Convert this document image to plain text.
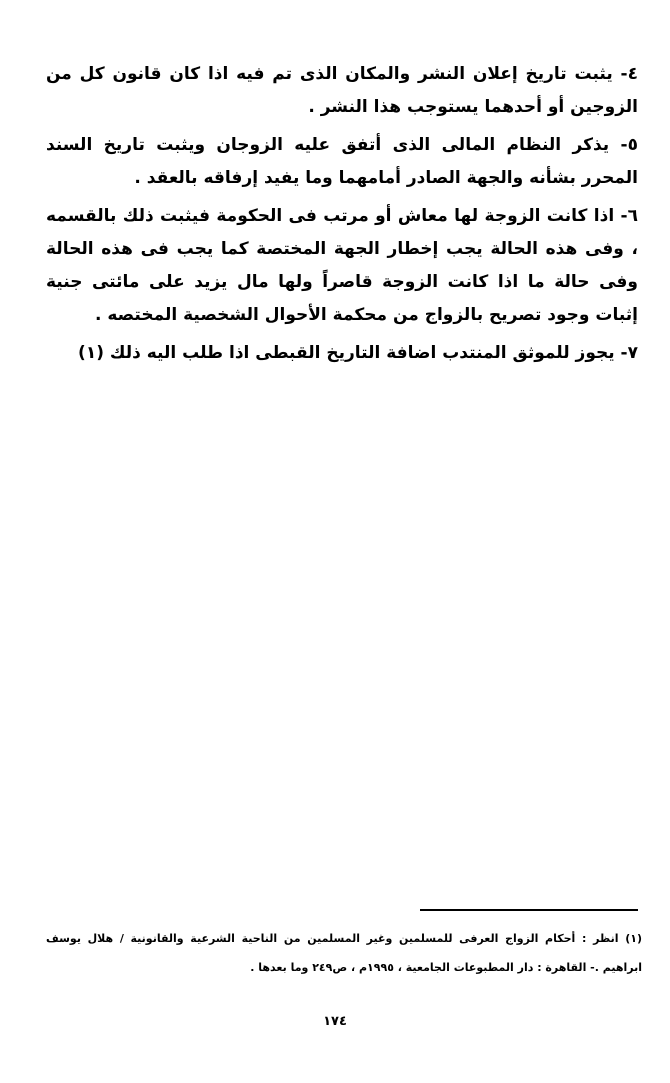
٤- يثبت تاريخ إعلان النشر والمكان الذى تم فيه اذا كان قانون كل من الزوجين أو أحدهما يستوجب هذا النشر .

٥- يذكر النظام المالى الذى أتفق عليه الزوجان ويثبت تاريخ السند المحرر بشأنه والجهة الصادر أمامهما وما يفيد إرفاقه بالعقد .

٦- اذا كانت الزوجة لها معاش أو مرتب فى الحكومة فيثبت ذلك بالقسمه ، وفى هذه الحالة يجب إخطار الجهة المختصة كما يجب فى هذه الحالة وفى حالة ما اذا كانت الزوجة قاصراً ولها مال يزيد على مائتى جنية إثبات وجود تصريح بالزواج من محكمة الأحوال الشخصية المختصه .

٧- يجوز للموثق المنتدب اضافة التاريخ القبطى اذا طلب اليه ذلك (١)

(١) انظر : أحكام الزواج العرفى للمسلمين وغير المسلمين من الناحية الشرعية والقانونية / هلال يوسف ابراهيم .- القاهرة : دار المطبوعات الجامعية ، ١٩٩٥م ، ص٢٤٩ وما بعدها .
١٧٤
